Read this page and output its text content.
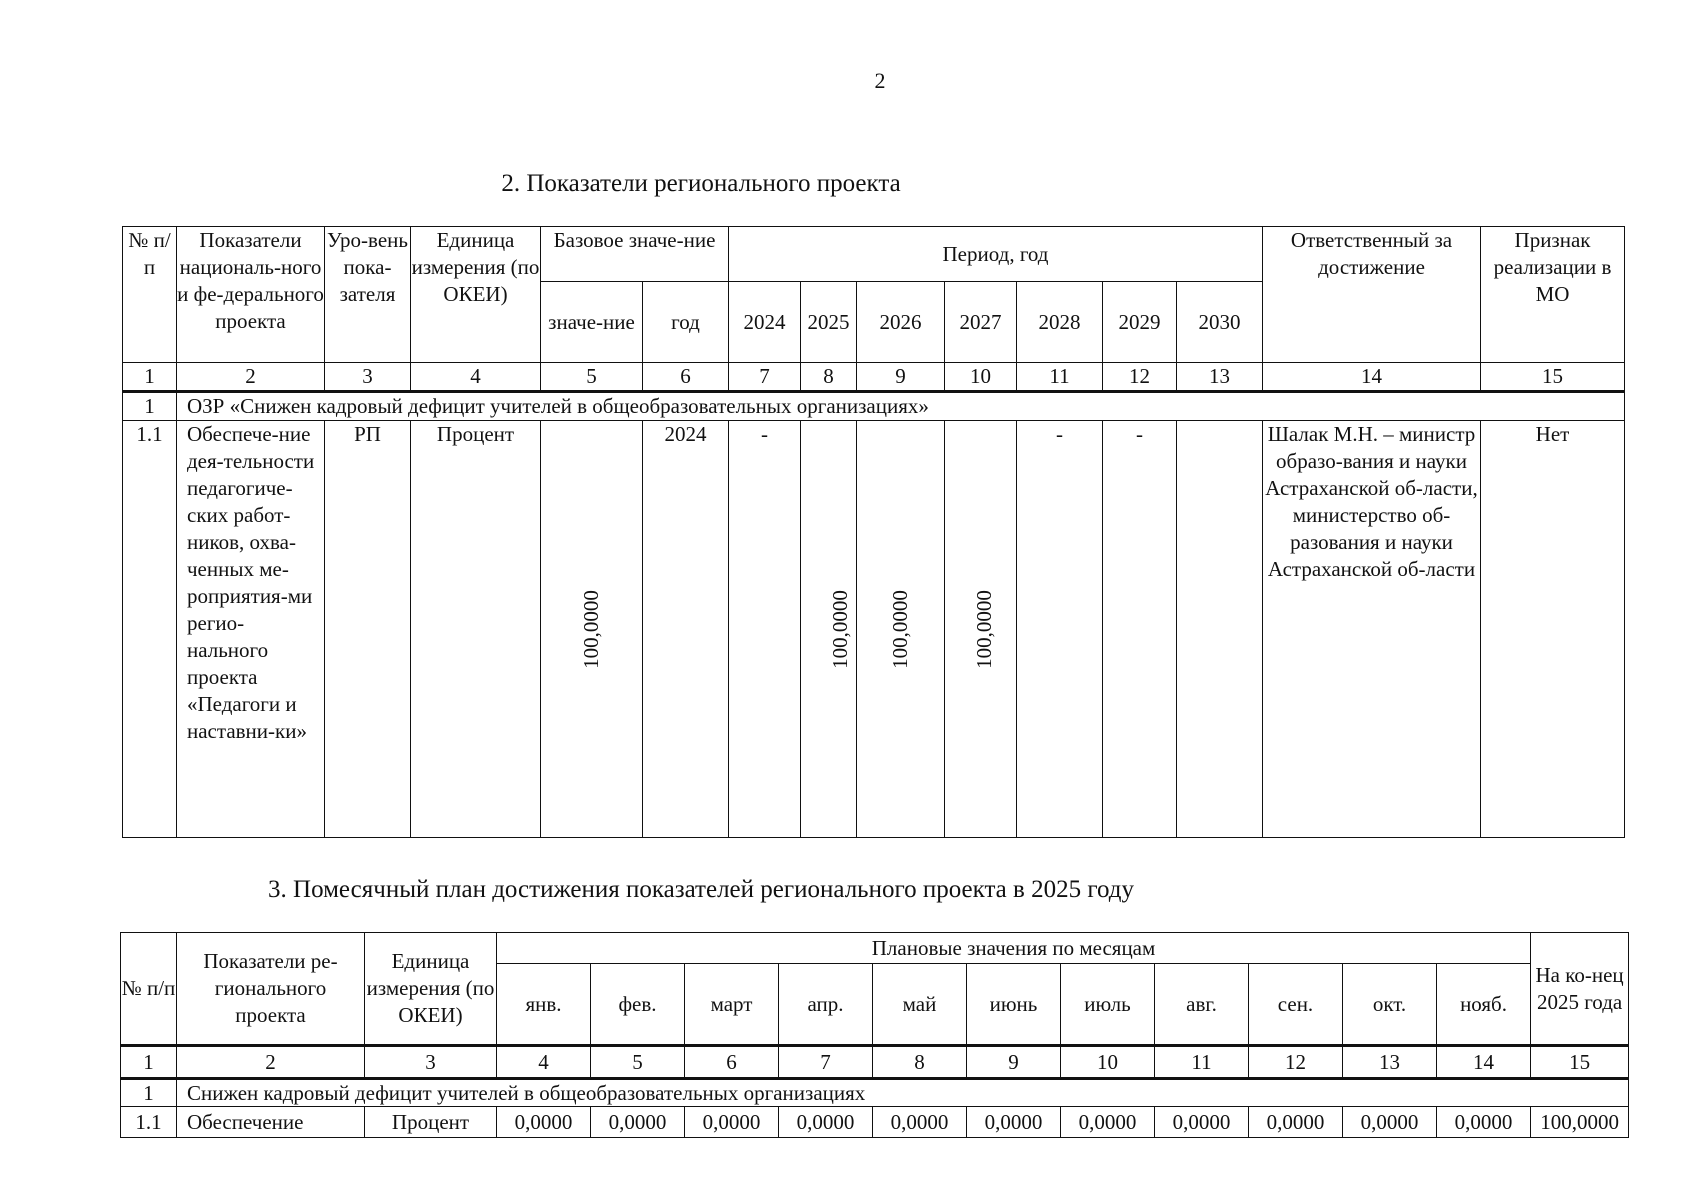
2
2. Показатели регионального проекта
№ п/п	Показатели националь-ного и фе-дерального проекта	Уро-вень пока-зателя	Единица измерения (по ОКЕИ)	Базовое значе-ние		Период, год							Ответственный за достижение	Признак реализации в МО
				значе-ние	год	2024	2025	2026	2027	2028	2029	2030		
1	2	3	4	5	6	7	8	9	10	11	12	13	14	15
1	ОЗР «Снижен кадровый дефицит учителей в общеобразовательных организациях»													
1.1	Обеспече-ние дея-тельности педагогиче-ских работ-ников, охва-ченных ме-роприятия-ми регио-нального проекта «Педагоги и наставни-ки»	РП	Процент	100,0000	2024	-	100,0000	100,0000	100,0000	-	-		Шалак М.Н. – министр образо-вания и науки Астраханской об-ласти, министерство об-разования и науки Астраханской об-ласти	Нет
3. Помесячный план достижения показателей регионального проекта в 2025 году
№ п/п	Показатели ре-гионального проекта	Единица измерения (по ОКЕИ)	Плановые значения по месяцам											На ко-нец 2025 года
			янв.	фев.	март	апр.	май	июнь	июль	авг.	сен.	окт.	нояб.	
1	2	3	4	5	6	7	8	9	10	11	12	13	14	15
1	Снижен кадровый дефицит учителей в общеобразовательных организациях													
1.1	Обеспечение	Процент	0,0000	0,0000	0,0000	0,0000	0,0000	0,0000	0,0000	0,0000	0,0000	0,0000	0,0000	100,0000
